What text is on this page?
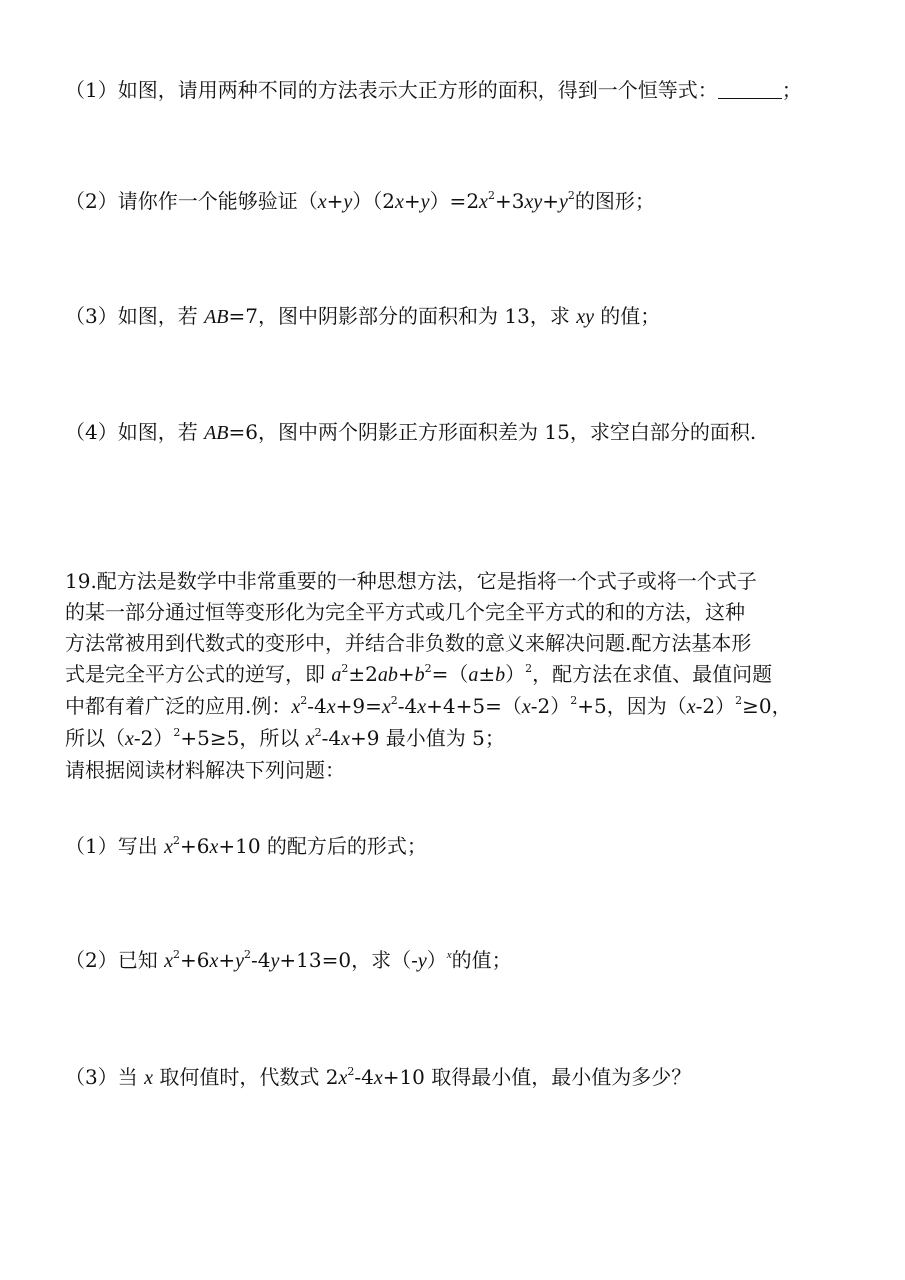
（1）如图，请用两种不同的方法表示大正方形的面积，得到一个恒等式：	；
（2）请你作一个能够验证$(x+y)(2x+y)=2x^2+3xy+y^2$的图形；
（3）如图，若 AB=7，图中阴影部分的面积和为 13，求 xy 的值；
（4）如图，若 AB=6，图中两个阴影正方形面积差为 15，求空白部分的面积.
19.配方法是数学中非常重要的一种思想方法，它是指将一个式子或将一个式子
的某一部分通过恒等变形化为完全平方式或几个完全平方式的和的方法，这种
方法常被用到代数式的变形中，并结合非负数的意义来解决问题.配方法基本形
式是完全平方公式的逆写，即 $a^2\pm 2ab+b^2=(a\pm b)^2$，配方法在求值、最值问题
中都有着广泛的应用.例：$x^2-4x+9=x^2-4x+4+5=(x-2)^2+5$，因为$(x-2)^2\ge 0$，
所以$(x-2)^2+5\ge 5$，所以 $x^2-4x+9$ 最小值为 5；
请根据阅读材料解决下列问题：
（1）写出 $x^2+6x+10$ 的配方后的形式；
（2）已知 $x^2+6x+y^2-4y+13=0$，求$(-y)^x$的值；
（3）当 x 取何值时，代数式 $2x^2-4x+10$ 取得最小值，最小值为多少？
